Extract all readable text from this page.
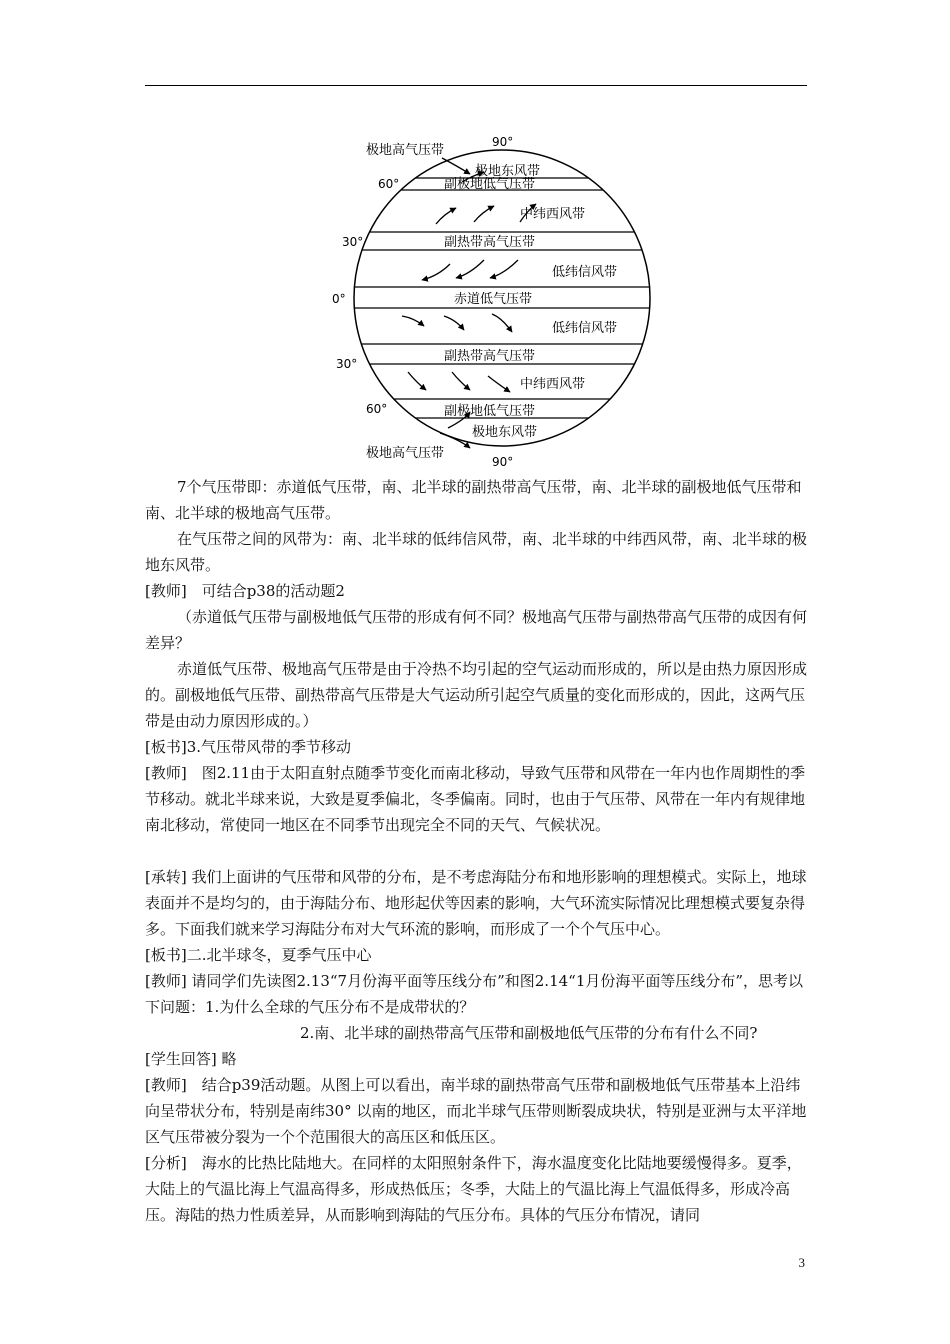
极地高气压带
极地东风带
副极地低气压带
中纬西风带
副热带高气压带
低纬信风带
赤道低气压带
低纬信风带
副热带高气压带
中纬西风带
副极地低气压带
极地东风带
极地高气压带
90°
60°
30°
0°
30°
60°
90°

7个气压带即：赤道低气压带，南、北半球的副热带高气压带，南、北半球的副极地低气压带和南、北半球的极地高气压带。

在气压带之间的风带为：南、北半球的低纬信风带，南、北半球的中纬西风带，南、北半球的极地东风带。

[教师]　可结合p38的活动题2

（赤道低气压带与副极地低气压带的形成有何不同？极地高气压带与副热带高气压带的成因有何差异？

赤道低气压带、极地高气压带是由于冷热不均引起的空气运动而形成的，所以是由热力原因形成的。副极地低气压带、副热带高气压带是大气运动所引起空气质量的变化而形成的，因此，这两气压带是由动力原因形成的。）

[板书]3.气压带风带的季节移动

[教师]　图2.11由于太阳直射点随季节变化而南北移动，导致气压带和风带在一年内也作周期性的季节移动。就北半球来说，大致是夏季偏北，冬季偏南。同时，也由于气压带、风带在一年内有规律地南北移动，常使同一地区在不同季节出现完全不同的天气、气候状况。

[承转] 我们上面讲的气压带和风带的分布，是不考虑海陆分布和地形影响的理想模式。实际上，地球表面并不是均匀的，由于海陆分布、地形起伏等因素的影响，大气环流实际情况比理想模式要复杂得多。下面我们就来学习海陆分布对大气环流的影响，而形成了一个个气压中心。

[板书]二.北半球冬，夏季气压中心

[教师] 请同学们先读图2.13“7月份海平面等压线分布”和图2.14“1月份海平面等压线分布”，思考以下问题：1.为什么全球的气压分布不是成带状的？

2.南、北半球的副热带高气压带和副极地低气压带的分布有什么不同?

[学生回答] 略

[教师]　结合p39活动题。从图上可以看出，南半球的副热带高气压带和副极地低气压带基本上沿纬向呈带状分布，特别是南纬30° 以南的地区，而北半球气压带则断裂成块状，特别是亚洲与太平洋地区气压带被分裂为一个个范围很大的高压区和低压区。

[分析]　海水的比热比陆地大。在同样的太阳照射条件下，海水温度变化比陆地要缓慢得多。夏季，大陆上的气温比海上气温高得多，形成热低压；冬季，大陆上的气温比海上气温低得多，形成冷高压。海陆的热力性质差异，从而影响到海陆的气压分布。具体的气压分布情况，请同

3
